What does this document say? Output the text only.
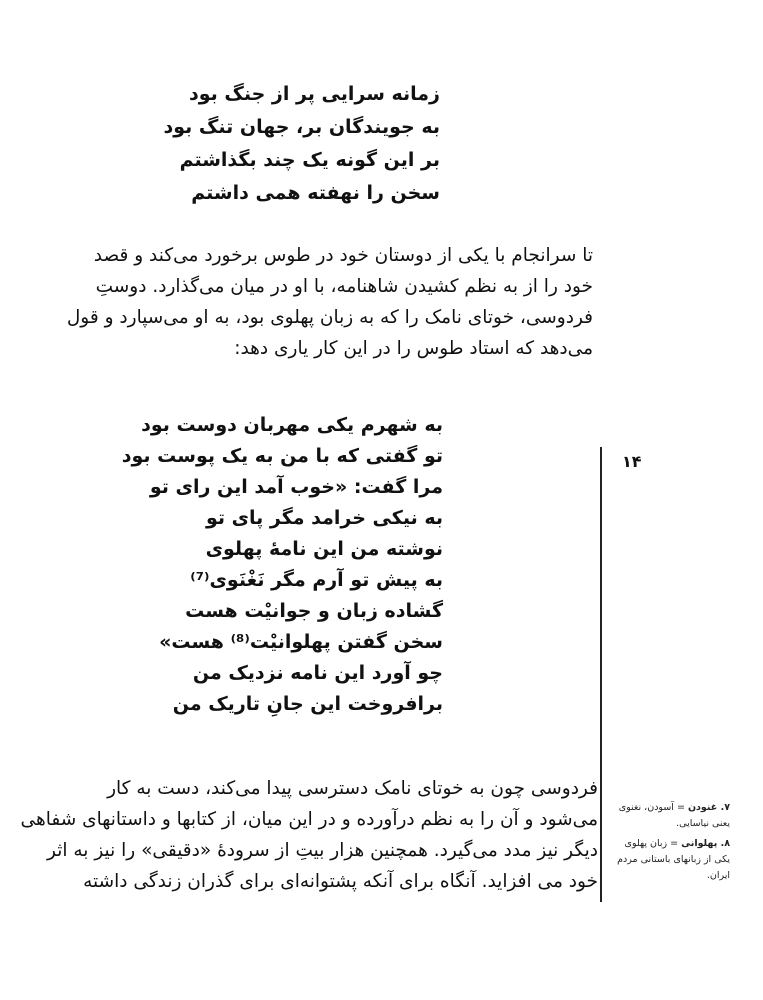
زمانه سرایی پر از جنگ بود
به جویندگان بر، جهان تنگ بود
بر این گونه یک چند بگذاشتم
سخن را نهفته همی داشتم
تا سرانجام با یکی از دوستان خود در طوس برخورد می‌کند و قصد
خود را از به نظم کشیدن شاهنامه، با او در میان می‌گذارد. دوستِ
فردوسی، خوتای نامک را که به زبان پهلوی بود، به او می‌سپارد و قول
می‌دهد که استاد طوس را در این کار یاری دهد:
به شهرم یکی مهربان دوست بود
تو گفتی که با من به یک پوست بود
مرا گفت: «خوب آمد این رای تو
به نیکی خرامد مگر پای تو
نوشته من این نامهٔ پهلوی
به پیش تو آرم مگر نَغْنَوی⁽⁷⁾
گشاده زبان و جوانیْت هست
سخن گفتن پهلوانیْت⁽⁸⁾ هست»
چو آورد این نامه نزدیک من
برافروخت این جانِ تاریک من
فردوسی چون به خوتای نامک دسترسی پیدا می‌کند، دست به کار
می‌شود و آن را به نظم درآورده و در این میان، از کتابها و داستانهای شفاهی
دیگر نیز مدد می‌گیرد. همچنین هزار بیتِ از سرودهٔ «دقیقی» را نیز به اثر
خود می افزاید. آنگاه برای آنکه پشتوانه‌ای برای گذران زندگی داشته
۱۴
۷. غنودن = آسودن، نغنوی یعنی نیاسایی.
۸. پهلوانی = زبان پهلوی یکی از زبانهای باستانی مردم ایران.
